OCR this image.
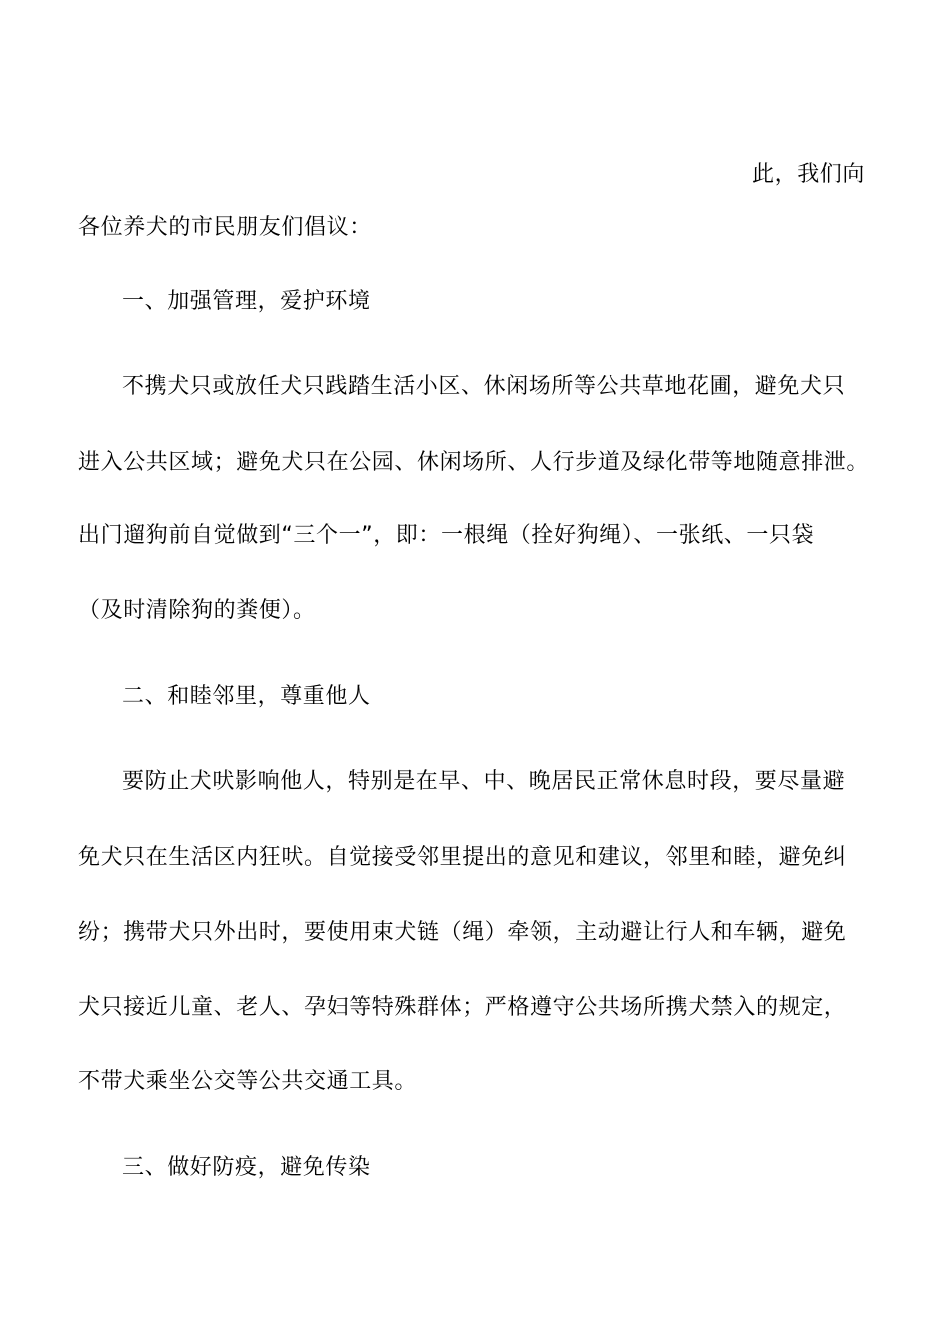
此，我们向
各位养犬的市民朋友们倡议：
一、加强管理，爱护环境
不携犬只或放任犬只践踏生活小区、休闲场所等公共草地花圃，避免犬只
进入公共区域；避免犬只在公园、休闲场所、人行步道及绿化带等地随意排泄。
出门遛狗前自觉做到“三个一”，即：一根绳（拴好狗绳）、一张纸、一只袋
（及时清除狗的粪便）。
二、和睦邻里，尊重他人
要防止犬吠影响他人，特别是在早、中、晚居民正常休息时段，要尽量避
免犬只在生活区内狂吠。自觉接受邻里提出的意见和建议，邻里和睦，避免纠
纷；携带犬只外出时，要使用束犬链（绳）牵领，主动避让行人和车辆，避免
犬只接近儿童、老人、孕妇等特殊群体；严格遵守公共场所携犬禁入的规定，
不带犬乘坐公交等公共交通工具。
三、做好防疫，避免传染
